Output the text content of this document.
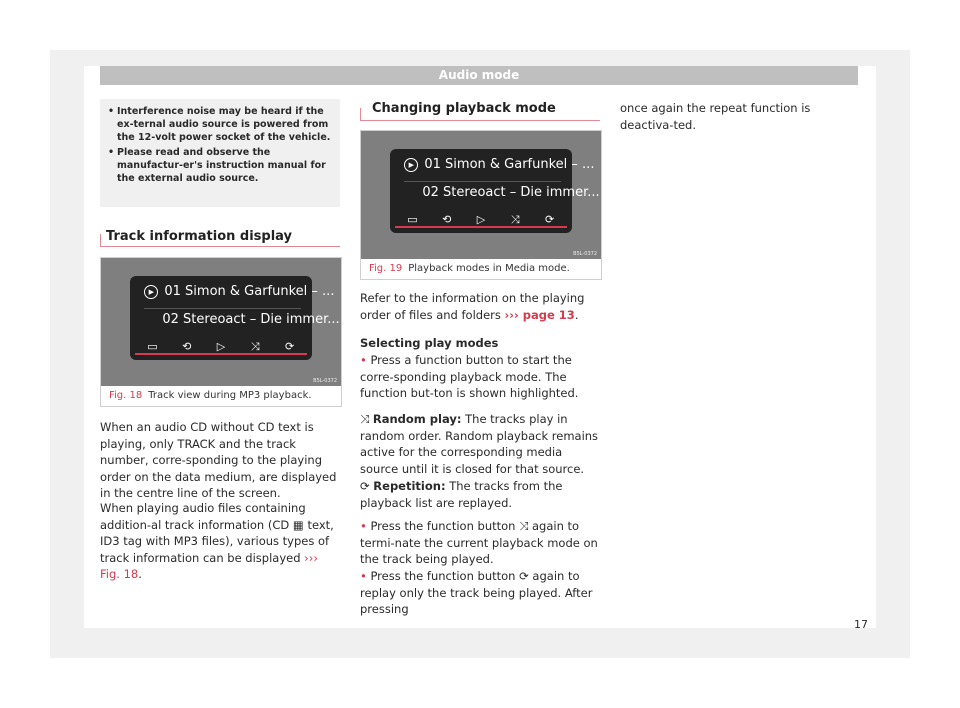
Audio mode
• Interference noise may be heard if the ex-ternal audio source is powered from the 12-volt power socket of the vehicle.
• Please read and observe the manufactur-er's instruction manual for the external audio source.
Track information display
▶ 01 Simon & Garfunkel – ...
02 Stereoact – Die immer...
▭	⟲	▷	⤨	⟳
B5L-0372
Fig. 18 Track view during MP3 playback.
When an audio CD without CD text is playing, only TRACK and the track number, corre-sponding to the playing order on the data medium, are displayed in the centre line of the screen.
When playing audio files containing addition-al track information (CD ▦ text, ID3 tag with MP3 files), various types of track information can be displayed ››› Fig. 18.
Changing playback mode
▶ 01 Simon & Garfunkel – ...
02 Stereoact – Die immer...
▭	⟲	▷	⤨	⟳
B5L-0372
Fig. 19 Playback modes in Media mode.
Refer to the information on the playing order of files and folders ››› page 13.
Selecting play modes
• Press a function button to start the corre-sponding playback mode. The function but-ton is shown highlighted.
⤨ Random play: The tracks play in random order. Random playback remains active for the corresponding media source until it is closed for that source.
⟳ Repetition: The tracks from the playback list are replayed.
• Press the function button ⤨ again to termi-nate the current playback mode on the track being played.
• Press the function button ⟳ again to replay only the track being played. After pressing
once again the repeat function is deactiva-ted.
17
